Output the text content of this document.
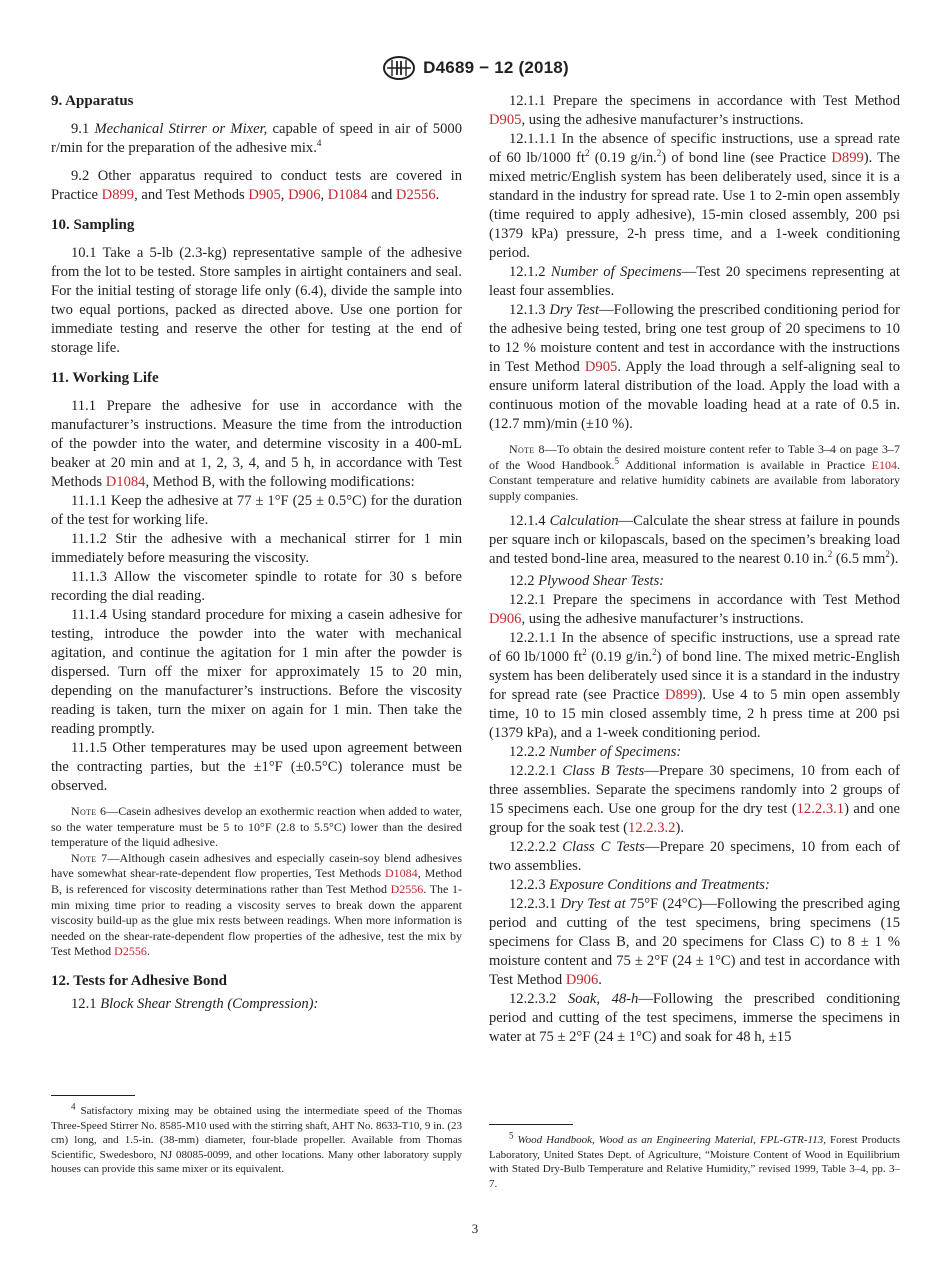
D4689 − 12 (2018)
9. Apparatus

9.1 Mechanical Stirrer or Mixer, capable of speed in air of 5000 r/min for the preparation of the adhesive mix.$^4$

9.2 Other apparatus required to conduct tests are covered in Practice D899, and Test Methods D905, D906, D1084 and D2556.

10. Sampling

10.1 Take a 5-lb (2.3-kg) representative sample of the adhesive from the lot to be tested. Store samples in airtight containers and seal. For the initial testing of storage life only (6.4), divide the sample into two equal portions, packed as directed above. Use one portion for immediate testing and reserve the other for testing at the end of storage life.

11. Working Life

11.1 Prepare the adhesive for use in accordance with the manufacturer’s instructions. Measure the time from the introduction of the powder into the water, and determine viscosity in a 400-mL beaker at 20 min and at 1, 2, 3, 4, and 5 h, in accordance with Test Methods D1084, Method B, with the following modifications:

11.1.1 Keep the adhesive at 77 ± 1°F (25 ± 0.5°C) for the duration of the test for working life.

11.1.2 Stir the adhesive with a mechanical stirrer for 1 min immediately before measuring the viscosity.

11.1.3 Allow the viscometer spindle to rotate for 30 s before recording the dial reading.

11.1.4 Using standard procedure for mixing a casein adhesive for testing, introduce the powder into the water with mechanical agitation, and continue the agitation for 1 min after the powder is dispersed. Turn off the mixer for approximately 15 to 20 min, depending on the manufacturer’s instructions. Before the viscosity reading is taken, turn the mixer on again for 1 min. Then take the reading promptly.

11.1.5 Other temperatures may be used upon agreement between the contracting parties, but the ±1°F (±0.5°C) tolerance must be observed.

Note 6—Casein adhesives develop an exothermic reaction when added to water, so the water temperature must be 5 to 10°F (2.8 to 5.5°C) lower than the desired temperature of the liquid adhesive.

Note 7—Although casein adhesives and especially casein-soy blend adhesives have somewhat shear-rate-dependent flow properties, Test Methods D1084, Method B, is referenced for viscosity determinations rather than Test Method D2556. The 1-min mixing time prior to reading a viscosity serves to break down the apparent viscosity build-up as the glue mix rests between readings. When more information is needed on the shear-rate-dependent flow properties of the adhesive, test the mix by Test Method D2556.

12. Tests for Adhesive Bond

12.1 Block Shear Strength (Compression):

12.1.1 Prepare the specimens in accordance with Test Method D905, using the adhesive manufacturer’s instructions.

12.1.1.1 In the absence of specific instructions, use a spread rate of 60 lb/1000 $ft^2$ (0.19 g/in.$^2$) of bond line (see Practice D899). The mixed metric/English system has been deliberately used, since it is a standard in the industry for spread rate. Use 1 to 2-min open assembly (time required to apply adhesive), 15-min closed assembly, 200 psi (1379 kPa) pressure, 2-h press time, and a 1-week conditioning period.

12.1.2 Number of Specimens—Test 20 specimens representing at least four assemblies.

12.1.3 Dry Test—Following the prescribed conditioning period for the adhesive being tested, bring one test group of 20 specimens to 10 to 12 % moisture content and test in accordance with the instructions in Test Method D905. Apply the load through a self-aligning seal to ensure uniform lateral distribution of the load. Apply the load with a continuous motion of the movable loading head at a rate of 0.5 in. (12.7 mm)/min (±10 %).

Note 8—To obtain the desired moisture content refer to Table 3–4 on page 3–7 of the Wood Handbook.$^5$ Additional information is available in Practice E104. Constant temperature and relative humidity cabinets are available from laboratory supply companies.

12.1.4 Calculation—Calculate the shear stress at failure in pounds per square inch or kilopascals, based on the specimen’s breaking load and tested bond-line area, measured to the nearest 0.10 in.$^2$ (6.5 $mm^2$).

12.2 Plywood Shear Tests:

12.2.1 Prepare the specimens in accordance with Test Method D906, using the adhesive manufacturer’s instructions.

12.2.1.1 In the absence of specific instructions, use a spread rate of 60 lb/1000 $ft^2$ (0.19 g/in.$^2$) of bond line. The mixed metric-English system has been deliberately used since it is a standard in the industry for spread rate (see Practice D899). Use 4 to 5 min open assembly time, 10 to 15 min closed assembly time, 2 h press time at 200 psi (1379 kPa), and a 1-week conditioning period.

12.2.2 Number of Specimens:

12.2.2.1 Class B Tests—Prepare 30 specimens, 10 from each of three assemblies. Separate the specimens randomly into 2 groups of 15 specimens each. Use one group for the dry test (12.2.3.1) and one group for the soak test (12.2.3.2).

12.2.2.2 Class C Tests—Prepare 20 specimens, 10 from each of two assemblies.

12.2.3 Exposure Conditions and Treatments:

12.2.3.1 Dry Test at 75°F (24°C)—Following the prescribed aging period and cutting of the test specimens, bring specimens (15 specimens for Class B, and 20 specimens for Class C) to 8 ± 1 % moisture content and 75 ± 2°F (24 ± 1°C) and test in accordance with Test Method D906.

12.2.3.2 Soak, 48-h—Following the prescribed conditioning period and cutting of the test specimens, immerse the specimens in water at 75 ± 2°F (24 ± 1°C) and soak for 48 h, ±15

$^4$ Satisfactory mixing may be obtained using the intermediate speed of the Thomas Three-Speed Stirrer No. 8585-M10 used with the stirring shaft, AHT No. 8633-T10, 9 in. (23 cm) long, and 1.5-in. (38-mm) diameter, four-blade propeller. Available from Thomas Scientific, Swedesboro, NJ 08085-0099, and other locations. Many other laboratory supply houses can provide this same mixer or its equivalent.

$^5$ Wood Handbook, Wood as an Engineering Material, FPL-GTR-113, Forest Products Laboratory, United States Dept. of Agriculture, “Moisture Content of Wood in Equilibrium with Stated Dry-Bulb Temperature and Relative Humidity,” revised 1999, Table 3–4, pp. 3–7.

3
